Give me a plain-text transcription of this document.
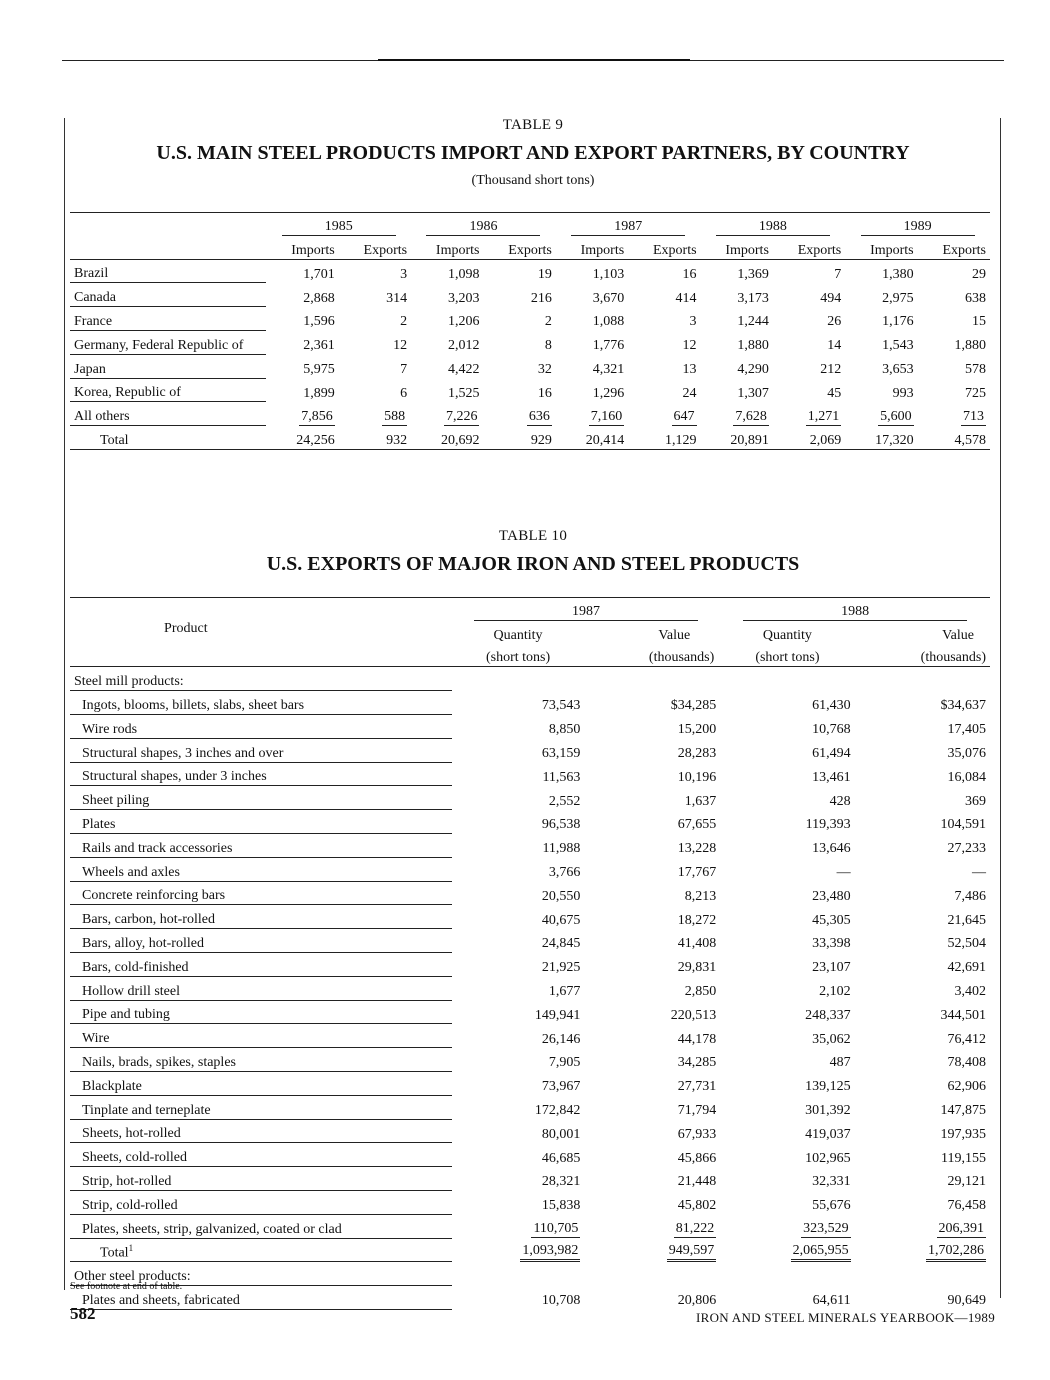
TABLE 9
U.S. MAIN STEEL PRODUCTS IMPORT AND EXPORT PARTNERS, BY COUNTRY
(Thousand short tons)
	1985		1986		1987		1988		1989	
	Imports	Exports	Imports	Exports	Imports	Exports	Imports	Exports	Imports	Exports
Brazil	1,701	3	1,098	19	1,103	16	1,369	7	1,380	29
Canada	2,868	314	3,203	216	3,670	414	3,173	494	2,975	638
France	1,596	2	1,206	2	1,088	3	1,244	26	1,176	15
Germany, Federal Republic of	2,361	12	2,012	8	1,776	12	1,880	14	1,543	1,880
Japan	5,975	7	4,422	32	4,321	13	4,290	212	3,653	578
Korea, Republic of	1,899	6	1,525	16	1,296	24	1,307	45	993	725
All others	7,856	588	7,226	636	7,160	647	7,628	1,271	5,600	713
Total	24,256	932	20,692	929	20,414	1,129	20,891	2,069	17,320	4,578
TABLE 10
U.S. EXPORTS OF MAJOR IRON AND STEEL PRODUCTS
	1987		1988	
Product	Quantity	Value	Quantity	Value
	(short tons)	(thousands)	(short tons)	(thousands)
Steel mill products:				
Ingots, blooms, billets, slabs, sheet bars	73,543	$34,285	61,430	$34,637
Wire rods	8,850	15,200	10,768	17,405
Structural shapes, 3 inches and over	63,159	28,283	61,494	35,076
Structural shapes, under 3 inches	11,563	10,196	13,461	16,084
Sheet piling	2,552	1,637	428	369
Plates	96,538	67,655	119,393	104,591
Rails and track accessories	11,988	13,228	13,646	27,233
Wheels and axles	3,766	17,767	—	—
Concrete reinforcing bars	20,550	8,213	23,480	7,486
Bars, carbon, hot-rolled	40,675	18,272	45,305	21,645
Bars, alloy, hot-rolled	24,845	41,408	33,398	52,504
Bars, cold-finished	21,925	29,831	23,107	42,691
Hollow drill steel	1,677	2,850	2,102	3,402
Pipe and tubing	149,941	220,513	248,337	344,501
Wire	26,146	44,178	35,062	76,412
Nails, brads, spikes, staples	7,905	34,285	487	78,408
Blackplate	73,967	27,731	139,125	62,906
Tinplate and terneplate	172,842	71,794	301,392	147,875
Sheets, hot-rolled	80,001	67,933	419,037	197,935
Sheets, cold-rolled	46,685	45,866	102,965	119,155
Strip, hot-rolled	28,321	21,448	32,331	29,121
Strip, cold-rolled	15,838	45,802	55,676	76,458
Plates, sheets, strip, galvanized, coated or clad	110,705	81,222	323,529	206,391
Total$^1$	1,093,982	949,597	2,065,955	1,702,286
Other steel products:				
Plates and sheets, fabricated	10,708	20,806	64,611	90,649
See footnote at end of table.
582	IRON AND STEEL MINERALS YEARBOOK—1989
